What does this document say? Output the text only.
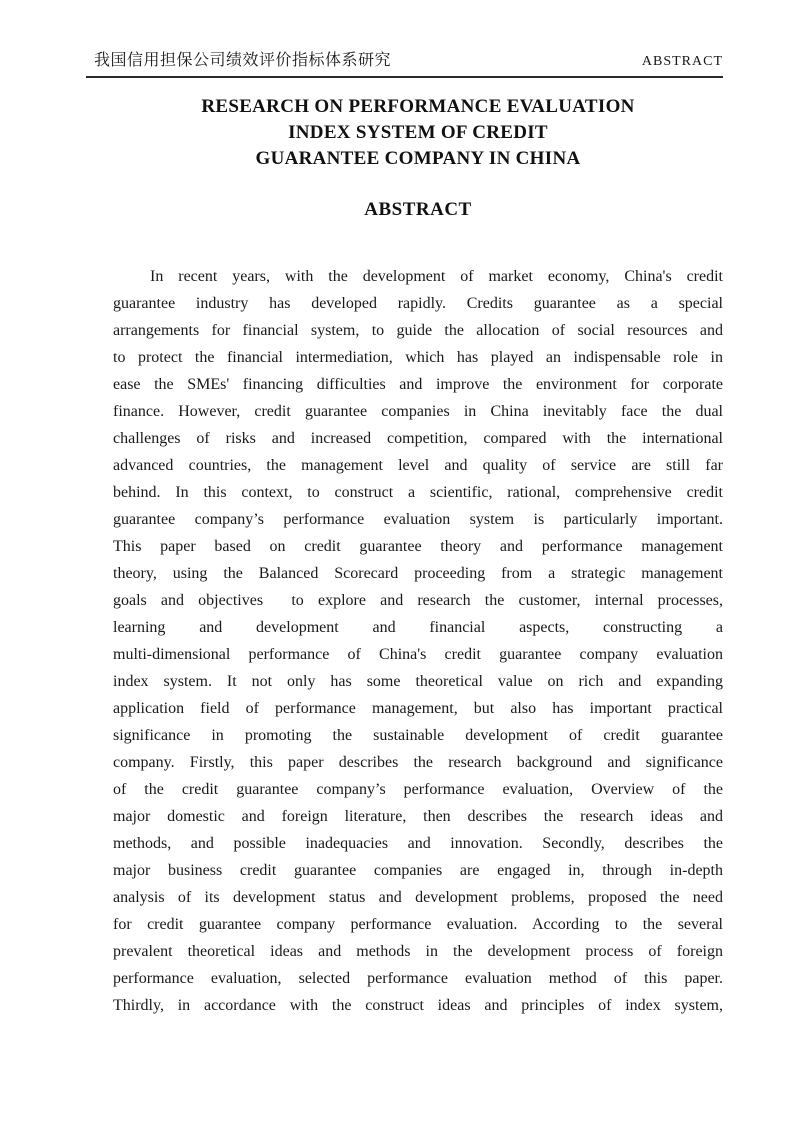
我国信用担保公司绩效评价指标体系研究	ABSTRACT
RESEARCH ON PERFORMANCE EVALUATION
INDEX SYSTEM OF CREDIT
GUARANTEE COMPANY IN CHINA
ABSTRACT
In recent years, with the development of market economy, China's credit
guarantee industry has developed rapidly. Credits guarantee as a special
arrangements for financial system, to guide the allocation of social resources and
to protect the financial intermediation, which has played an indispensable role in
ease the SMEs' financing difficulties and improve the environment for corporate
finance. However, credit guarantee companies in China inevitably face the dual
challenges of risks and increased competition, compared with the international
advanced countries, the management level and quality of service are still far
behind. In this context, to construct a scientific, rational, comprehensive credit
guarantee company’s performance evaluation system is particularly important.
This paper based on credit guarantee theory and performance management
theory, using the Balanced Scorecard proceeding from a strategic management
goals and objectives  to explore and research the customer, internal processes,
learning and development and financial aspects, constructing a
multi-dimensional performance of China's credit guarantee company evaluation
index system. It not only has some theoretical value on rich and expanding
application field of performance management, but also has important practical
significance in promoting the sustainable development of credit guarantee
company. Firstly, this paper describes the research background and significance
of the credit guarantee company’s performance evaluation, Overview of the
major domestic and foreign literature, then describes the research ideas and
methods, and possible inadequacies and innovation. Secondly, describes the
major business credit guarantee companies are engaged in, through in-depth
analysis of its development status and development problems, proposed the need
for credit guarantee company performance evaluation. According to the several
prevalent theoretical ideas and methods in the development process of foreign
performance evaluation, selected performance evaluation method of this paper.
Thirdly, in accordance with the construct ideas and principles of index system,
